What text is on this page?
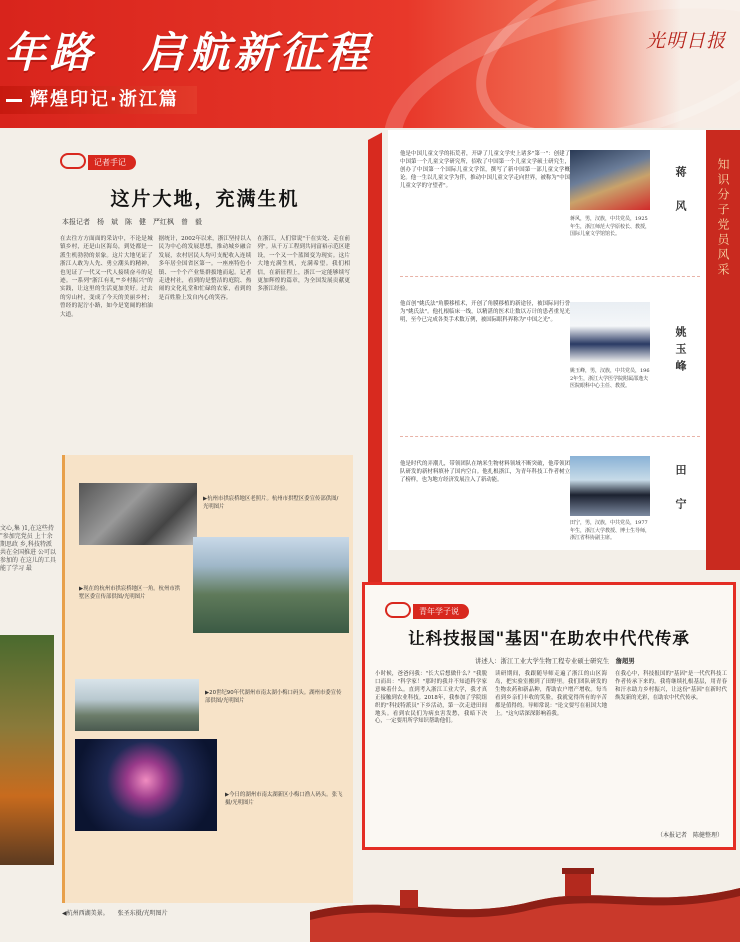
年路　启航新征程
辉煌印记·浙江篇
光明日报
文心,集 )1,在这些持 "参加完党员 上十余期思政 乡,科技特派 共在全国推进 公可以参加的 在这儿的工具 能了学习 最
记者手记
这片大地，充满生机
本报记者　杨　斌　陈　健　严红枫　曾　毅
在去往方方面面的采访中，不论是城镇乡村，还是山区海岛，到处都是一派生机勃勃的景象。这片大地见证了浙江人敢为人先、勇立潮头的精神，也见证了一代又一代人接续奋斗的足迹。一系列"浙江有礼""乡村振兴"的实践，让这里的生活更加美好。过去的穷山村，变成了今天的美丽乡村；曾经的泥泞小路，如今是宽阔的柏油大道。
据统计，2002年以来，浙江坚持以人民为中心的发展思想，推动城乡融合发展，农村居民人均可支配收入连续多年居全国省区第一。一座座特色小镇、一个个产业集群拔地而起。记者走进村社，看到的是整洁的庭院、热闹的文化礼堂和忙碌的农家，看到的是百姓脸上发自内心的笑容。
在浙江，人们常说"干在实处、走在前列"。从千万工程到共同富裕示范区建设，一个又一个蓝图变为现实。这片大地充满生机，充满希望。我们相信，在新征程上，浙江一定能够续写更加辉煌的篇章，为全国发展贡献更多浙江经验。
▶杭州市拱宸桥地区老照片。杭州市拱墅区委宣传部供图/光明图片
▶现在的杭州市拱宸桥地区一角。杭州市拱墅区委宣传部供图/光明图片
▶20世纪90年代湖州市南太湖小梅口码头。湖州市委宣传部供图/光明图片
▶今日的湖州市南太湖新区小梅口渔人码头。张飞摄/光明图片
◀杭州西湖美景。　　张圣东摄/光明图片
他是中国儿童文学的拓荒者，开辟了儿童文学史上诸多"第一"：创建了中国第一个儿童文学研究所，招收了中国第一个儿童文学硕士研究生，创办了中国第一个国际儿童文学馆，撰写了新中国第一部儿童文学概论。他一生以儿童文学为伴，推动中国儿童文学走向世界，被称为"中国儿童文学的守望者"。
蒋风，男，汉族，中共党员，1925年生，浙江师范大学原校长、教授，国际儿童文学馆馆长。
蒋　风
他首创"姚氏法"角膜移植术，开创了角膜移植的新途径，被国际同行誉为"姚氏法"。他扎根临床一线，以精湛的医术让数以万计的患者重见光明，至今已完成各类手术数万例，被国际眼科界称为"中国之光"。
姚玉峰，男，汉族，中共党员，1962年生，浙江大学医学院附属邵逸夫医院眼科中心主任、教授。
姚玉峰
他是时代的弄潮儿，带领团队在纳米生物材料领域不断突破，他带领团队研发的新材料填补了国内空白。他扎根浙江，为青年科技工作者树立了榜样，也为地方经济发展注入了新动能。
田宁，男，汉族，中共党员，1977年生，浙江大学教授、博士生导师，浙江省科协副主席。
田　宁
知识分子党员风采
青年学子说
让科技报国"基因"在助农中代代传承
讲述人：浙江工业大学生物工程专业硕士研究生　 詹超男
小时候，爸爸问我："长大后想做什么？"我脱口而出："科学家！"那时的我并不知道科学家意味着什么。直到考入浙江工业大学，我才真正接触到农业科技。2018年，我参加了学院组织的"科技特派员"下乡活动，第一次走进田间地头。看到农民们为病虫害发愁，我暗下决心，一定要用所学知识帮助他们。
读研期间，我跟随导师走遍了浙江的山区海岛，把实验室搬到了田野里。我们团队研发的生物农药和新品种，帮助农户增产增收。每当看到乡亲们丰收的笑脸，我就觉得所有的辛苦都是值得的。导师常说："论文要写在祖国大地上。"这句话深深影响着我。
在我心中，科技报国的"基因"是一代代科技工作者传承下来的。我将继续扎根基层，用青春和汗水助力乡村振兴，让这份"基因"在新时代焕发新的光彩，在助农中代代传承。
（本报记者　陈健整理）
